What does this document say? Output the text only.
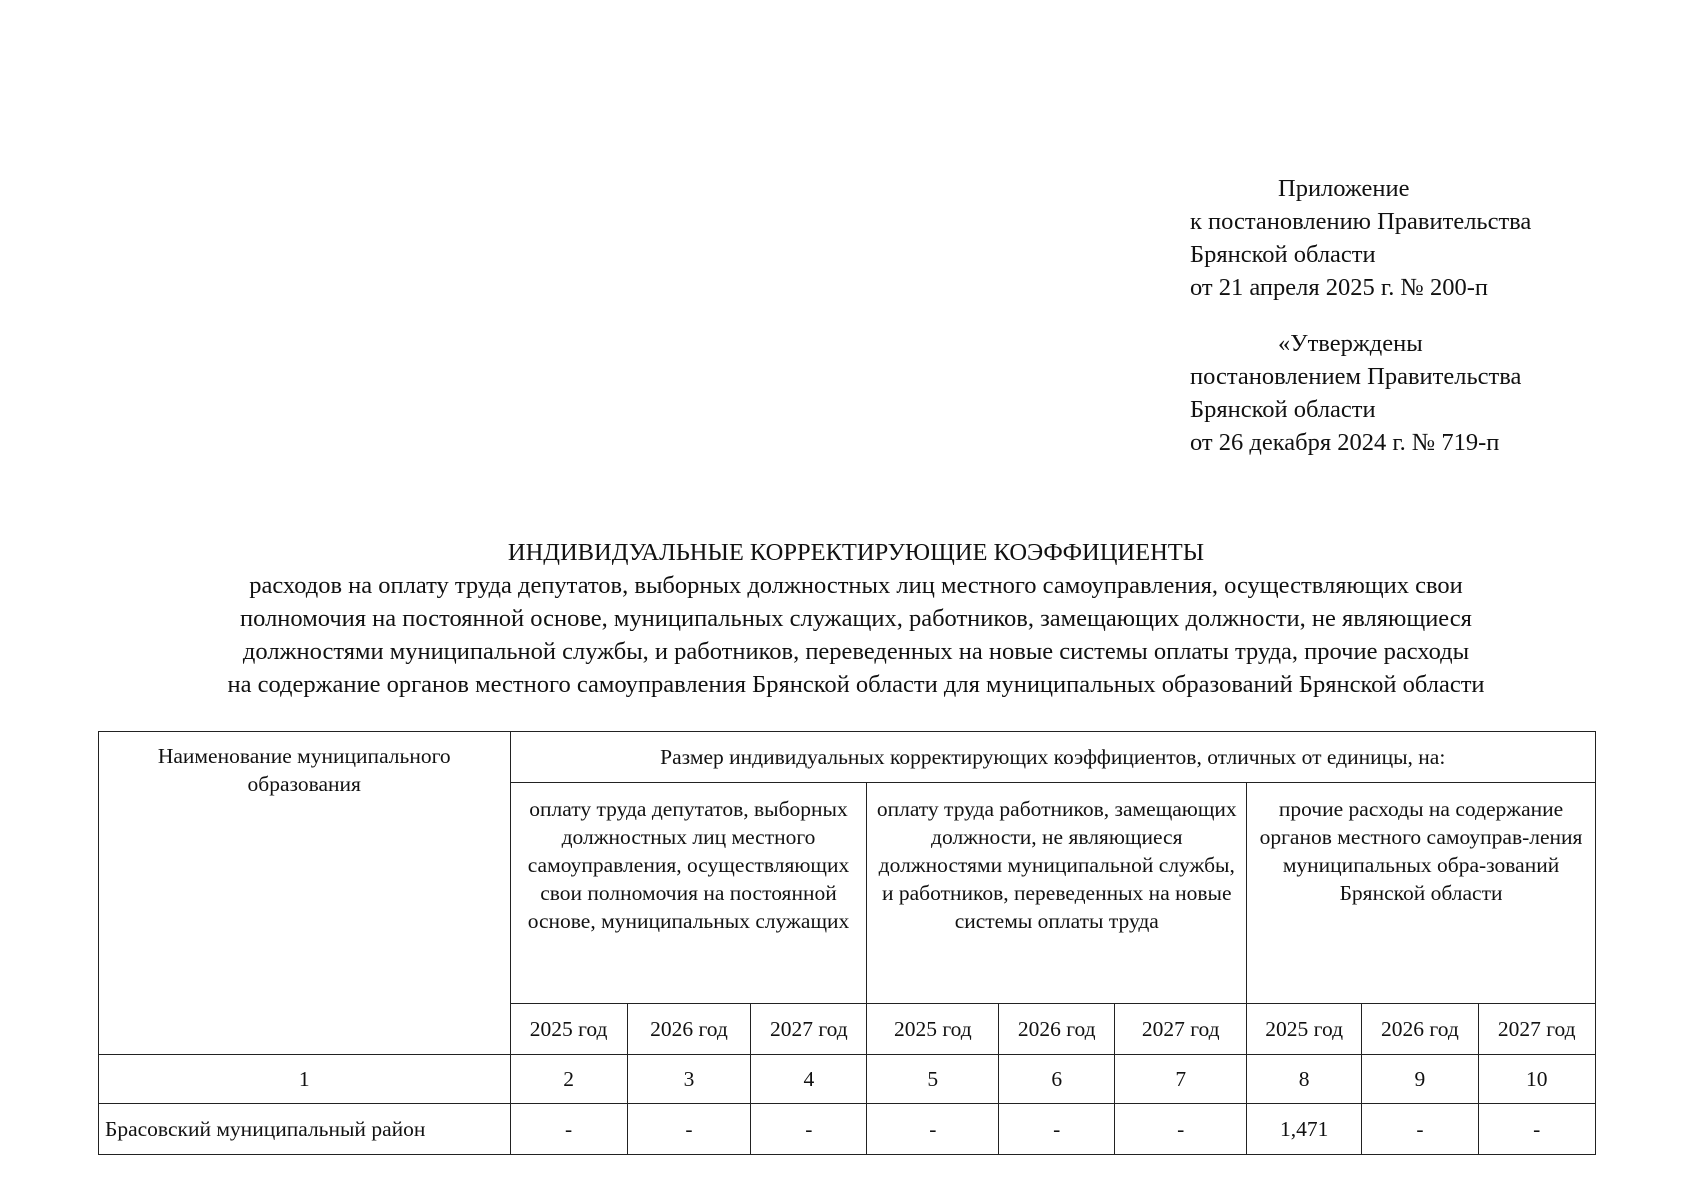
Приложение
к постановлению Правительства
Брянской области
от 21 апреля 2025 г. № 200-п
«Утверждены
постановлением Правительства
Брянской области
от 26 декабря 2024 г. № 719-п
ИНДИВИДУАЛЬНЫЕ КОРРЕКТИРУЮЩИЕ КОЭФФИЦИЕНТЫ
расходов на оплату труда депутатов, выборных должностных лиц местного самоуправления, осуществляющих свои
полномочия на постоянной основе, муниципальных служащих, работников, замещающих должности, не являющиеся
должностями муниципальной службы, и работников, переведенных на новые системы оплаты труда, прочие расходы
на содержание органов местного самоуправления Брянской области для муниципальных образований Брянской области
Наименование муниципального образования	Размер индивидуальных корректирующих коэффициентов, отличных от единицы, на:								
	оплату труда депутатов, выборных должностных лиц местного самоуправления, осуществляющих свои полномочия на постоянной основе, муниципальных служащих			оплату труда работников, замещающих должности, не являющиеся должностями муниципальной службы, и работников, переведенных на новые системы оплаты труда			прочие расходы на содержание органов местного самоуправ-ления муниципальных обра-зований Брянской области		
	2025 год	2026 год	2027 год	2025 год	2026 год	2027 год	2025 год	2026 год	2027 год
1	2	3	4	5	6	7	8	9	10
Брасовский муниципальный район	-	-	-	-	-	-	1,471	-	-
